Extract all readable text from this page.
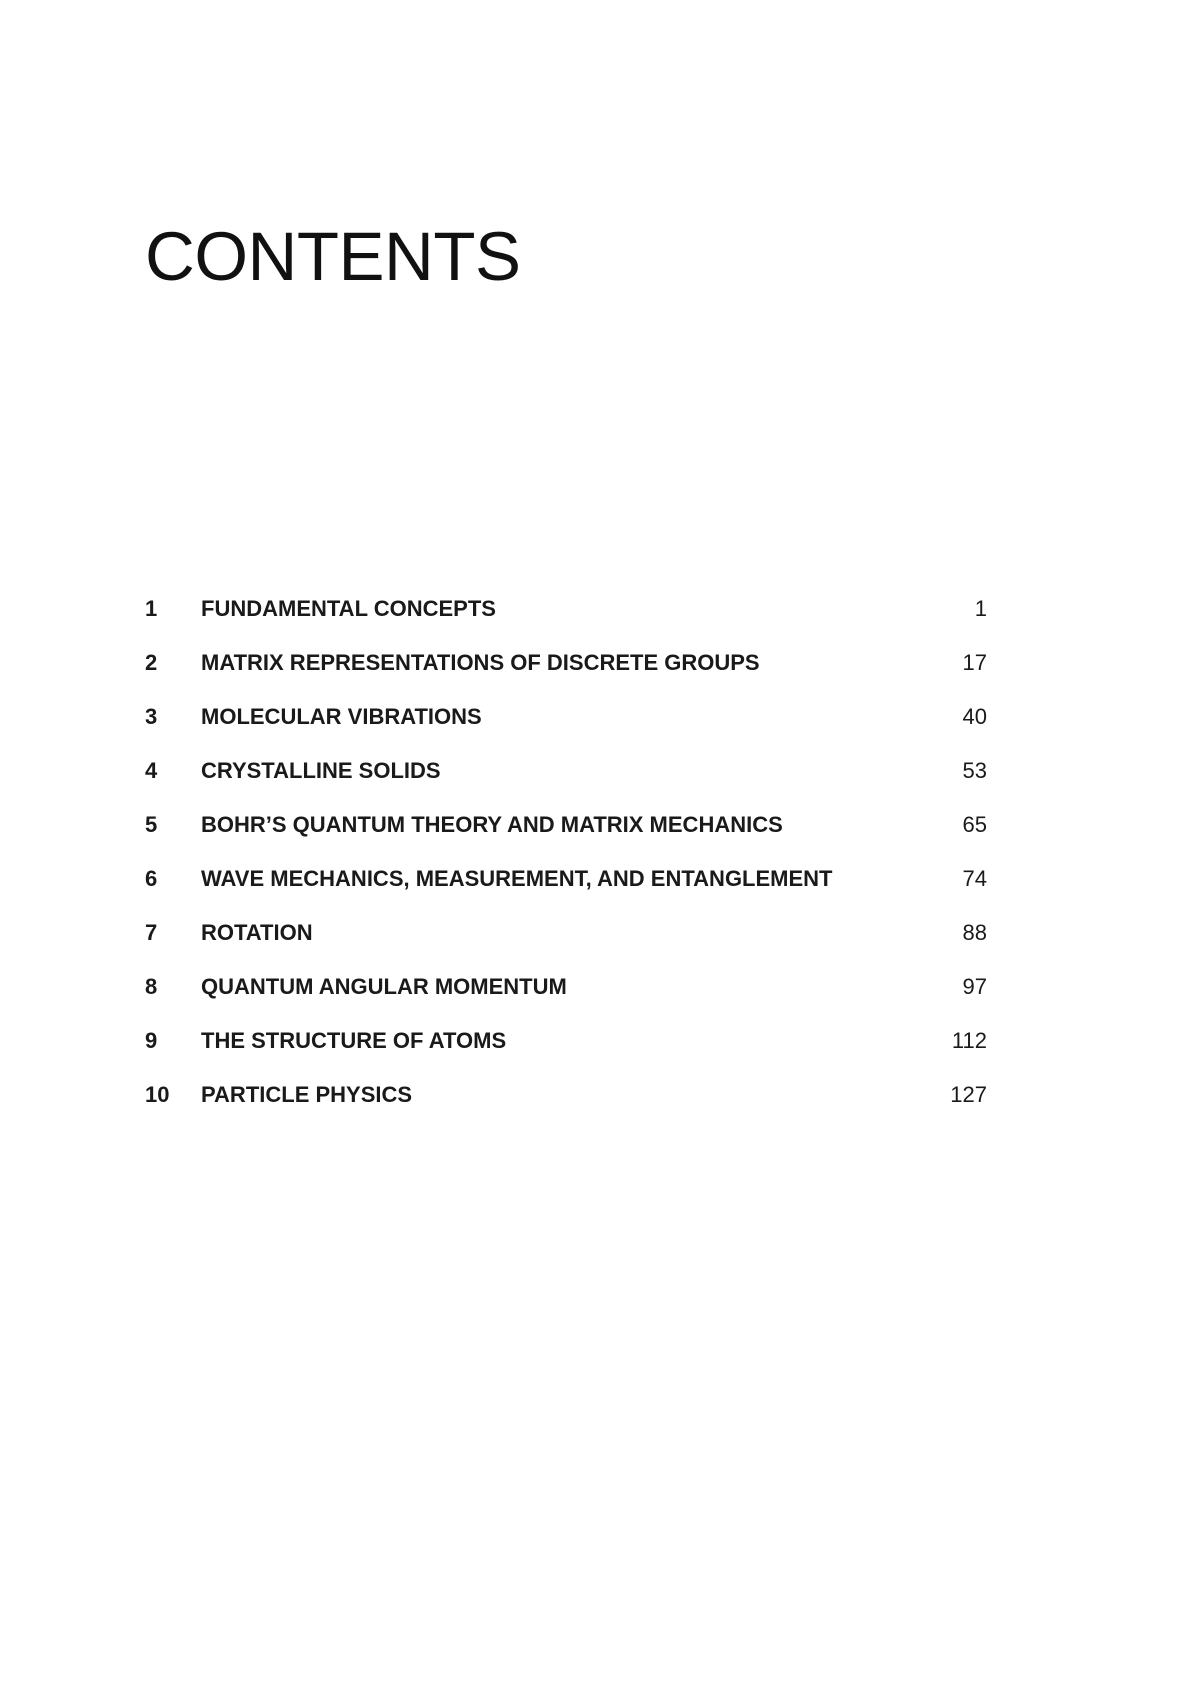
CONTENTS
1	FUNDAMENTAL CONCEPTS	1
2	MATRIX REPRESENTATIONS OF DISCRETE GROUPS	17
3	MOLECULAR VIBRATIONS	40
4	CRYSTALLINE SOLIDS	53
5	BOHR’S QUANTUM THEORY AND MATRIX MECHANICS	65
6	WAVE MECHANICS, MEASUREMENT, AND ENTANGLEMENT	74
7	ROTATION	88
8	QUANTUM ANGULAR MOMENTUM	97
9	THE STRUCTURE OF ATOMS	112
10	PARTICLE PHYSICS	127
